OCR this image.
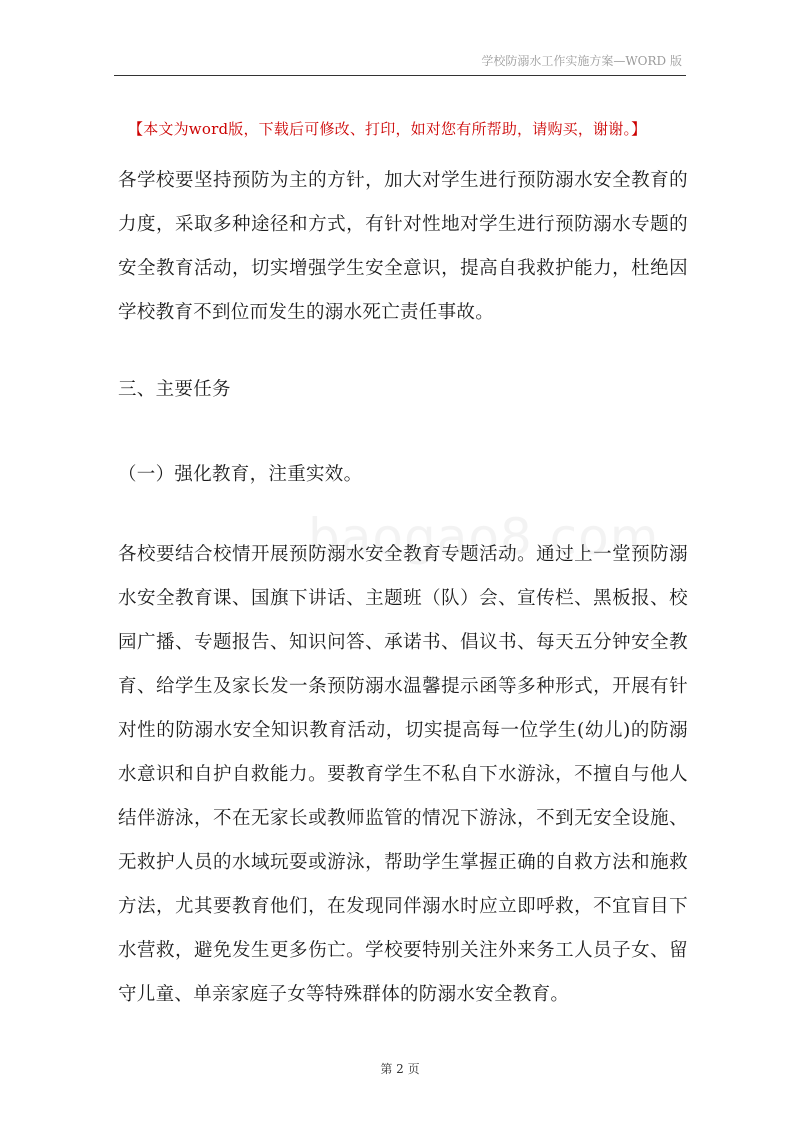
学校防溺水工作实施方案—WORD 版
【本文为word版，下载后可修改、打印，如对您有所帮助，请购买，谢谢。】

各学校要坚持预防为主的方针，加大对学生进行预防溺水安全教育的力度，采取多种途径和方式，有针对性地对学生进行预防溺水专题的安全教育活动，切实增强学生安全意识，提高自我救护能力，杜绝因学校教育不到位而发生的溺水死亡责任事故。

三、主要任务

（一）强化教育，注重实效。

各校要结合校情开展预防溺水安全教育专题活动。通过上一堂预防溺水安全教育课、国旗下讲话、主题班（队）会、宣传栏、黑板报、校园广播、专题报告、知识问答、承诺书、倡议书、每天五分钟安全教育、给学生及家长发一条预防溺水温馨提示函等多种形式，开展有针对性的防溺水安全知识教育活动，切实提高每一位学生(幼儿)的防溺水意识和自护自救能力。要教育学生不私自下水游泳，不擅自与他人结伴游泳，不在无家长或教师监管的情况下游泳，不到无安全设施、无救护人员的水域玩耍或游泳，帮助学生掌握正确的自救方法和施救方法，尤其要教育他们，在发现同伴溺水时应立即呼救，不宜盲目下水营救，避免发生更多伤亡。学校要特别关注外来务工人员子女、留守儿童、单亲家庭子女等特殊群体的防溺水安全教育。

第 2 页
